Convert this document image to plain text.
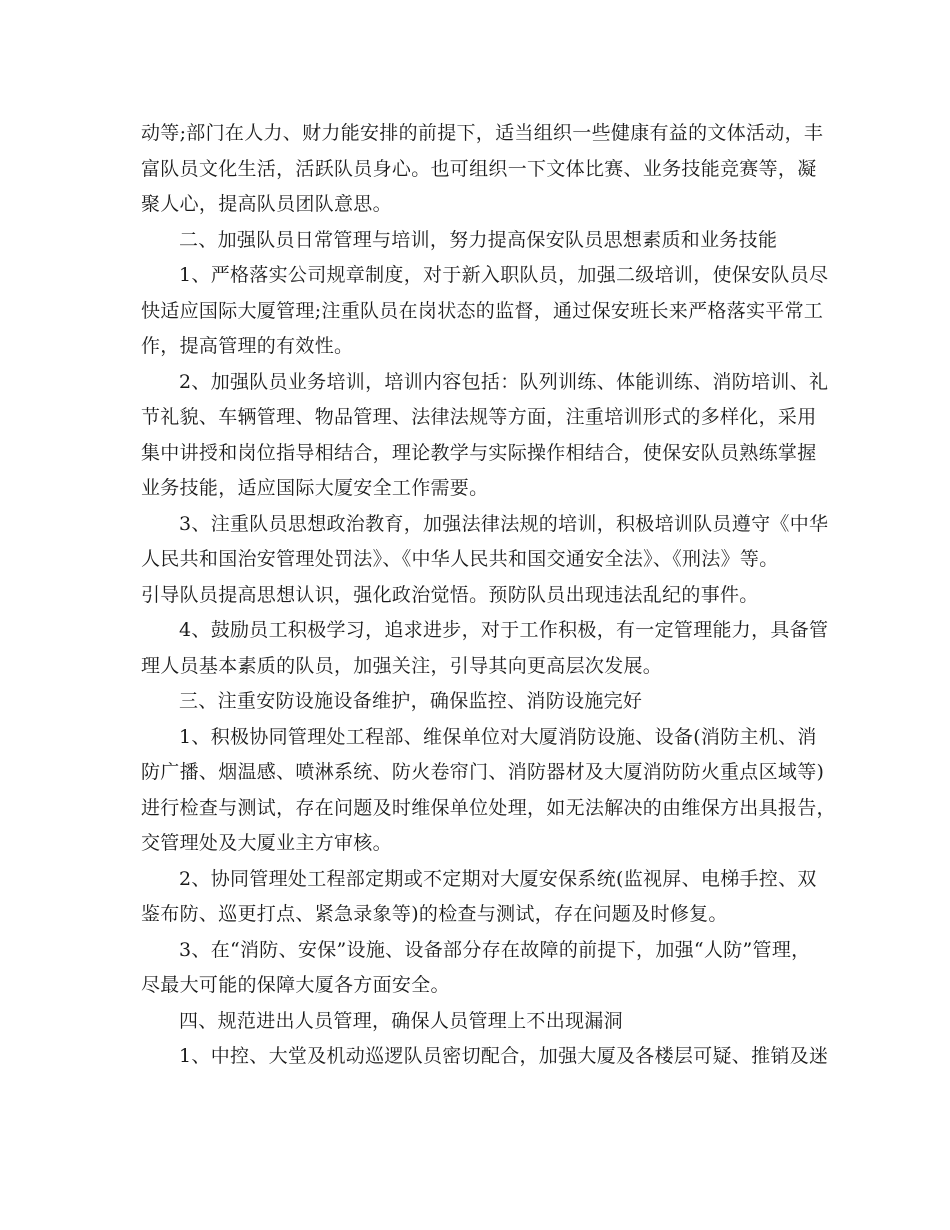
动等;部门在人力、财力能安排的前提下，适当组织一些健康有益的文体活动，丰
富队员文化生活，活跃队员身心。也可组织一下文体比赛、业务技能竞赛等，凝
聚人心，提高队员团队意思。

二、加强队员日常管理与培训，努力提高保安队员思想素质和业务技能

1、严格落实公司规章制度，对于新入职队员，加强二级培训，使保安队员尽
快适应国际大厦管理;注重队员在岗状态的监督，通过保安班长来严格落实平常工
作，提高管理的有效性。

2、加强队员业务培训，培训内容包括：队列训练、体能训练、消防培训、礼
节礼貌、车辆管理、物品管理、法律法规等方面，注重培训形式的多样化，采用
集中讲授和岗位指导相结合，理论教学与实际操作相结合，使保安队员熟练掌握
业务技能，适应国际大厦安全工作需要。

3、注重队员思想政治教育，加强法律法规的培训，积极培训队员遵守《中华
人民共和国治安管理处罚法》、《中华人民共和国交通安全法》、《刑法》等。
引导队员提高思想认识，强化政治觉悟。预防队员出现违法乱纪的事件。

4、鼓励员工积极学习，追求进步，对于工作积极，有一定管理能力，具备管
理人员基本素质的队员，加强关注，引导其向更高层次发展。

三、注重安防设施设备维护，确保监控、消防设施完好

1、积极协同管理处工程部、维保单位对大厦消防设施、设备(消防主机、消
防广播、烟温感、喷淋系统、防火卷帘门、消防器材及大厦消防防火重点区域等)
进行检查与测试，存在问题及时维保单位处理，如无法解决的由维保方出具报告，
交管理处及大厦业主方审核。

2、协同管理处工程部定期或不定期对大厦安保系统(监视屏、电梯手控、双
鉴布防、巡更打点、紧急录象等)的检查与测试，存在问题及时修复。

3、在“消防、安保”设施、设备部分存在故障的前提下，加强“人防”管理，
尽最大可能的保障大厦各方面安全。

四、规范进出人员管理，确保人员管理上不出现漏洞

1、中控、大堂及机动巡逻队员密切配合，加强大厦及各楼层可疑、推销及迷
